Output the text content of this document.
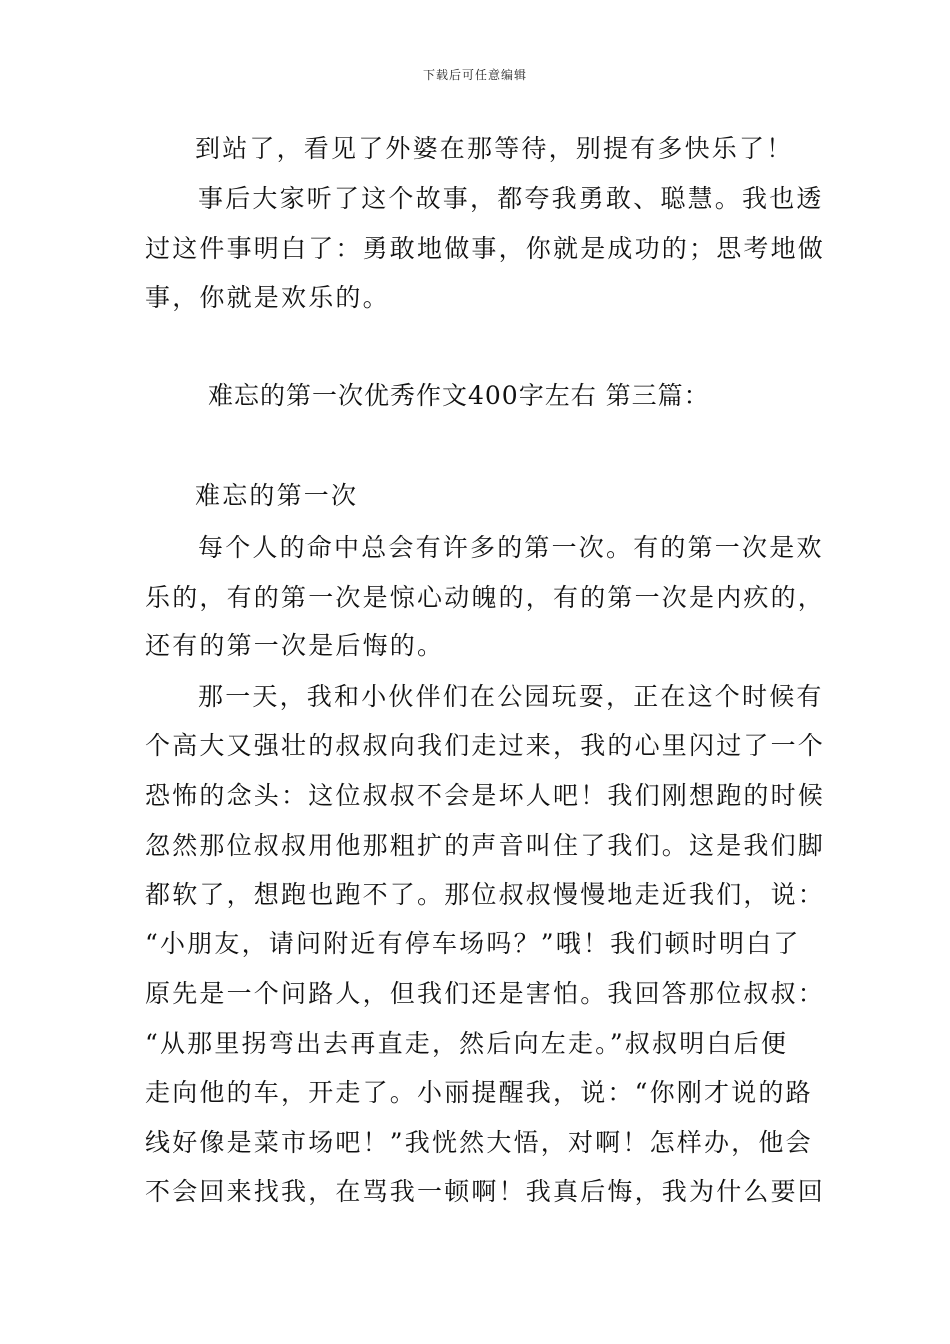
下载后可任意编辑
到站了，看见了外婆在那等待，别提有多快乐了！
事后大家听了这个故事，都夸我勇敢、聪慧。我也透
过这件事明白了：勇敢地做事，你就是成功的；思考地做
事，你就是欢乐的。
难忘的第一次优秀作文400字左右 第三篇：
难忘的第一次
每个人的命中总会有许多的第一次。有的第一次是欢
乐的，有的第一次是惊心动魄的，有的第一次是内疚的，
还有的第一次是后悔的。
那一天，我和小伙伴们在公园玩耍，正在这个时候有
个高大又强壮的叔叔向我们走过来，我的心里闪过了一个
恐怖的念头：这位叔叔不会是坏人吧！我们刚想跑的时候
忽然那位叔叔用他那粗扩的声音叫住了我们。这是我们脚
都软了，想跑也跑不了。那位叔叔慢慢地走近我们，说：
“小朋友，请问附近有停车场吗？”哦！我们顿时明白了
原先是一个问路人，但我们还是害怕。我回答那位叔叔：
“从那里拐弯出去再直走，然后向左走。”叔叔明白后便
走向他的车，开走了。小丽提醒我，说：“你刚才说的路
线好像是菜市场吧！”我恍然大悟，对啊！怎样办，他会
不会回来找我，在骂我一顿啊！我真后悔，我为什么要回
